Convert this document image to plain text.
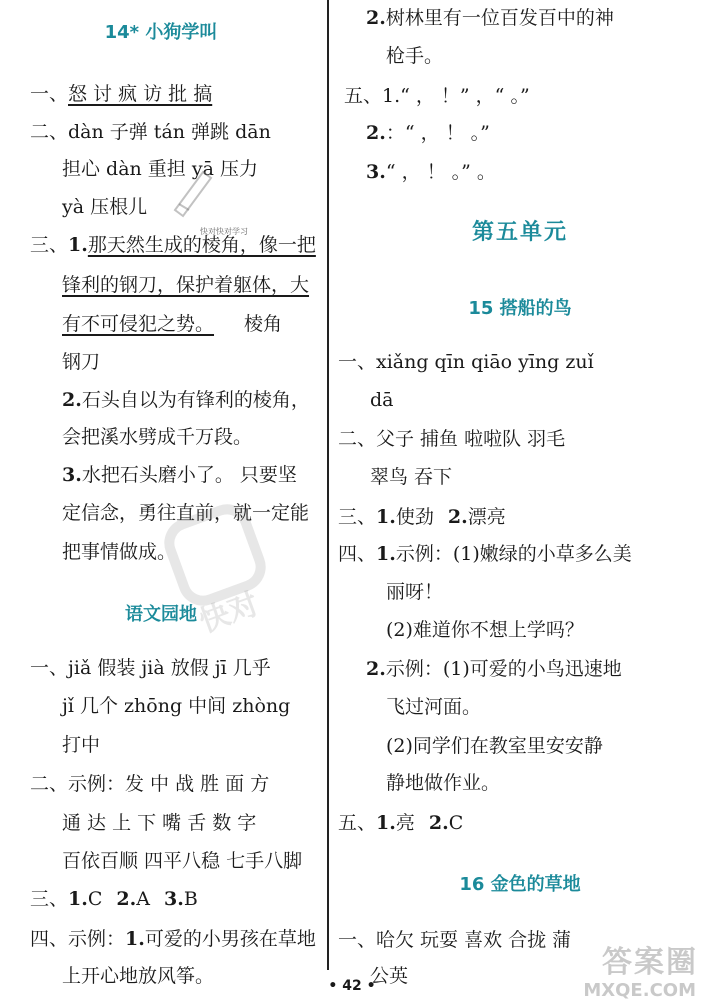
14* 小狗学叫
一、怒 讨 疯 访 批 搞
二、dàn 子弹 tán 弹跳 dān
担心 dàn 重担 yā 压力
yà 压根儿
三、1.那天然生成的棱角，像一把
锋利的钢刀，保护着躯体，大
有不可侵犯之势。 棱角
钢刀
2.石头自以为有锋利的棱角，
会把溪水劈成千万段。
3.水把石头磨小了。 只要坚
定信念，勇往直前，就一定能
把事情做成。
语文园地
一、jiǎ 假装 jià 放假 jī 几乎
jǐ 几个 zhōng 中间 zhòng
打中
二、示例：发 中 战 胜 面 方
通 达 上 下 嘴 舌 数 字
百依百顺 四平八稳 七手八脚
三、1.C 2.A 3.B
四、示例：1.可爱的小男孩在草地
上开心地放风筝。
2.树林里有一位百发百中的神
枪手。
五、1.“ ， ！” ，“ 。”
2.：“ ， ！ 。”
3.“ ， ！ 。” 。
第五单元
15 搭船的鸟
一、xiǎng qīn qiāo yīng zuǐ
dā
二、父子 捕鱼 啦啦队 羽毛
翠鸟 吞下
三、1.使劲 2.漂亮
四、1.示例：(1)嫩绿的小草多么美
丽呀！
(2)难道你不想上学吗？
2.示例：(1)可爱的小鸟迅速地
飞过河面。
(2)同学们在教室里安安静
静地做作业。
五、1.亮 2.C
16 金色的草地
一、哈欠 玩耍 喜欢 合拢 蒲
公英
快对快对学习
快对
答案圈
MXQE.COM
• 42 •
